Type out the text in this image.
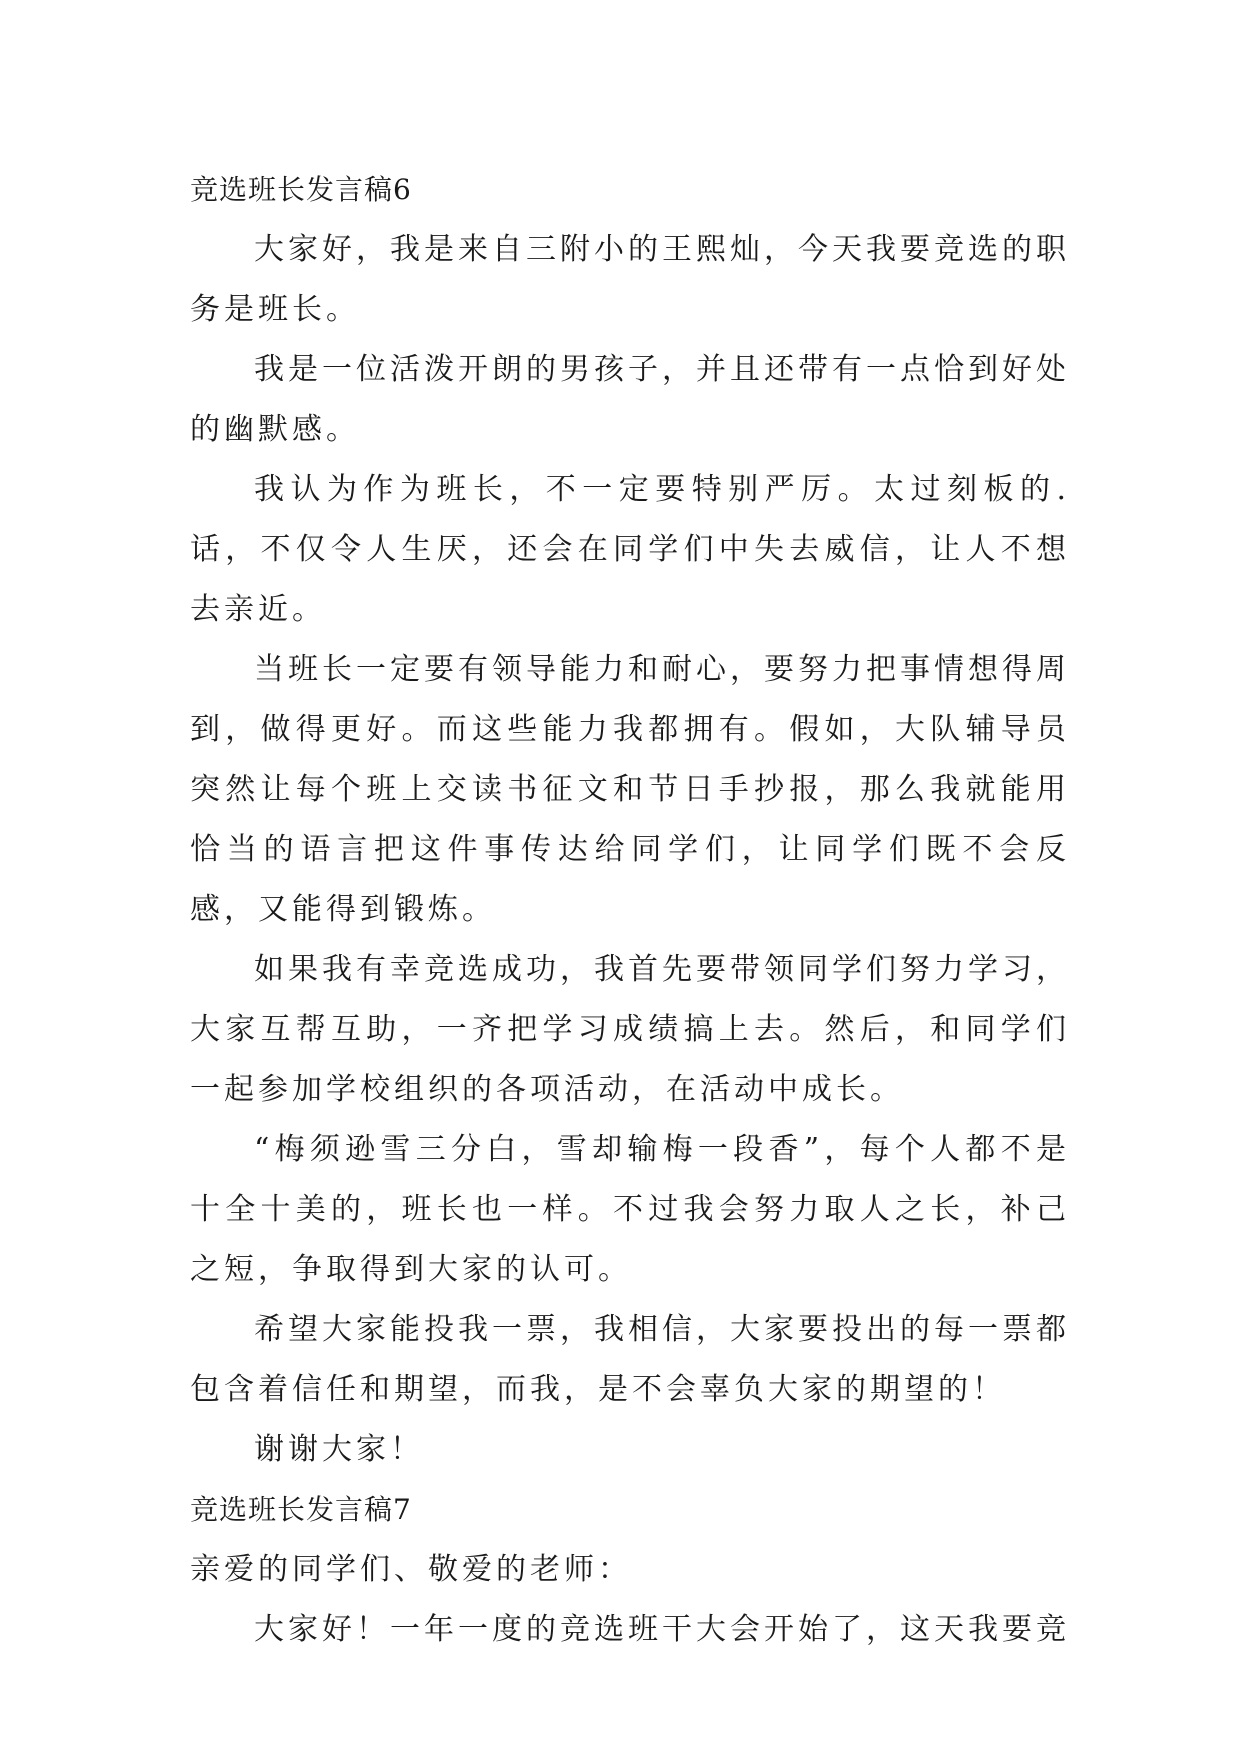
竞选班长发言稿6

大家好，我是来自三附小的王熙灿，今天我要竞选的职务是班长。

我是一位活泼开朗的男孩子，并且还带有一点恰到好处的幽默感。

我认为作为班长，不一定要特别严厉。太过刻板的.话，不仅令人生厌，还会在同学们中失去威信，让人不想去亲近。

当班长一定要有领导能力和耐心，要努力把事情想得周到，做得更好。而这些能力我都拥有。假如，大队辅导员突然让每个班上交读书征文和节日手抄报，那么我就能用恰当的语言把这件事传达给同学们，让同学们既不会反感，又能得到锻炼。

如果我有幸竞选成功，我首先要带领同学们努力学习，大家互帮互助，一齐把学习成绩搞上去。然后，和同学们一起参加学校组织的各项活动，在活动中成长。

“梅须逊雪三分白，雪却输梅一段香”，每个人都不是十全十美的，班长也一样。不过我会努力取人之长，补己之短，争取得到大家的认可。

希望大家能投我一票，我相信，大家要投出的每一票都包含着信任和期望，而我，是不会辜负大家的期望的！

谢谢大家！

竞选班长发言稿7

亲爱的同学们、敬爱的老师：

大家好！一年一度的竞选班干大会开始了，这天我要竞
